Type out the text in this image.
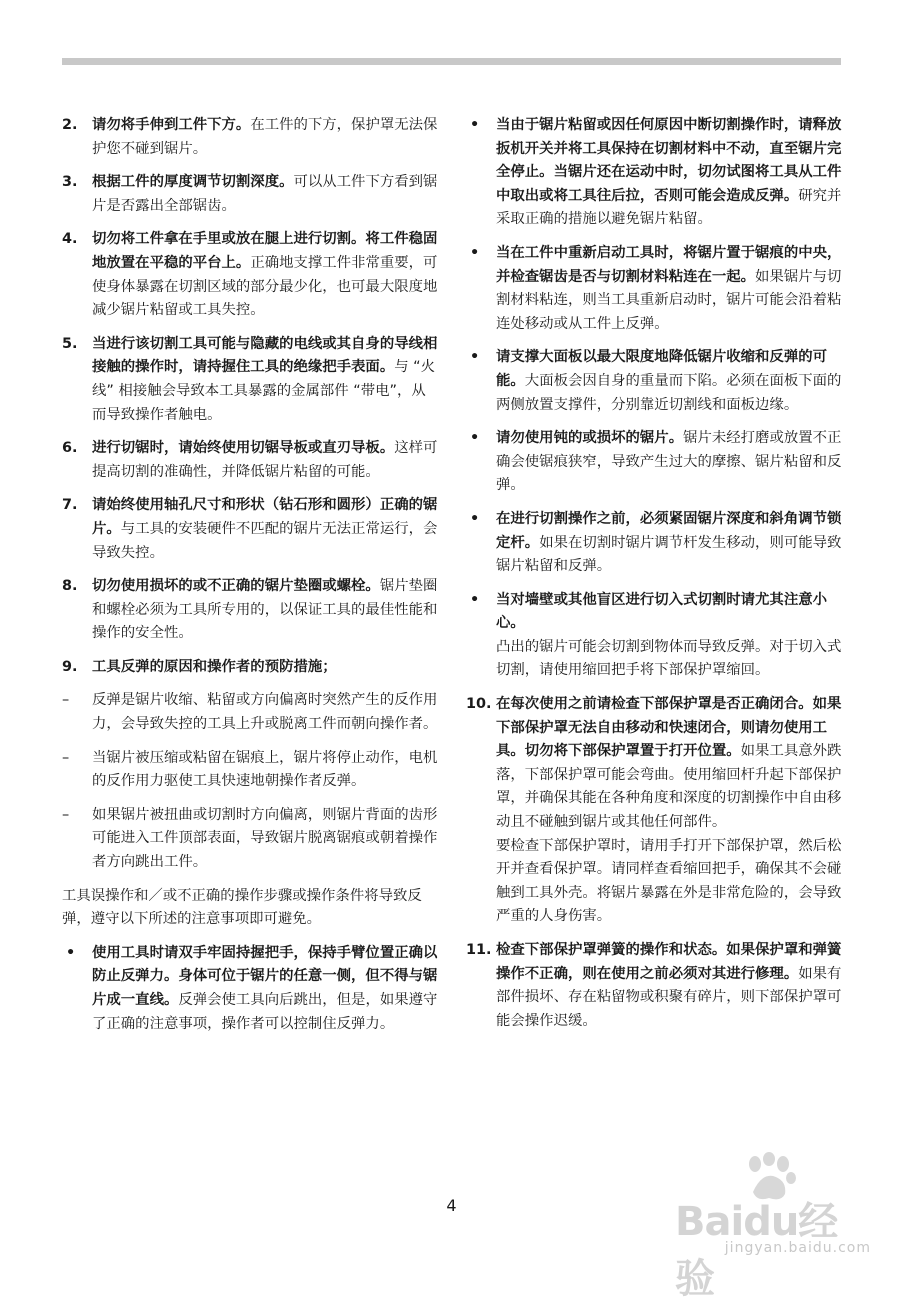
2. 请勿将手伸到工件下方。在工件的下方，保护罩无法保护您不碰到锯片。
3. 根据工件的厚度调节切割深度。可以从工件下方看到锯片是否露出全部锯齿。
4. 切勿将工件拿在手里或放在腿上进行切割。将工件稳固地放置在平稳的平台上。正确地支撑工件非常重要，可使身体暴露在切割区域的部分最少化，也可最大限度地减少锯片粘留或工具失控。
5. 当进行该切割工具可能与隐藏的电线或其自身的导线相接触的操作时，请持握住工具的绝缘把手表面。与 “火线” 相接触会导致本工具暴露的金属部件 “带电”，从而导致操作者触电。
6. 进行切锯时，请始终使用切锯导板或直刃导板。这样可提高切割的准确性，并降低锯片粘留的可能。
7. 请始终使用轴孔尺寸和形状（钻石形和圆形）正确的锯片。与工具的安装硬件不匹配的锯片无法正常运行，会导致失控。
8. 切勿使用损坏的或不正确的锯片垫圈或螺栓。锯片垫圈和螺栓必须为工具所专用的，以保证工具的最佳性能和操作的安全性。
9. 工具反弹的原因和操作者的预防措施；
– 反弹是锯片收缩、粘留或方向偏离时突然产生的反作用力，会导致失控的工具上升或脱离工件而朝向操作者。
– 当锯片被压缩或粘留在锯痕上，锯片将停止动作，电机的反作用力驱使工具快速地朝操作者反弹。
– 如果锯片被扭曲或切割时方向偏离，则锯片背面的齿形可能进入工件顶部表面，导致锯片脱离锯痕或朝着操作者方向跳出工件。
工具误操作和／或不正确的操作步骤或操作条件将导致反弹，遵守以下所述的注意事项即可避免。
• 使用工具时请双手牢固持握把手，保持手臂位置正确以防止反弹力。身体可位于锯片的任意一侧，但不得与锯片成一直线。反弹会使工具向后跳出，但是，如果遵守了正确的注意事项，操作者可以控制住反弹力。
• 当由于锯片粘留或因任何原因中断切割操作时，请释放扳机开关并将工具保持在切割材料中不动，直至锯片完全停止。当锯片还在运动中时，切勿试图将工具从工件中取出或将工具往后拉，否则可能会造成反弹。研究并采取正确的措施以避免锯片粘留。
• 当在工件中重新启动工具时，将锯片置于锯痕的中央，并检查锯齿是否与切割材料粘连在一起。如果锯片与切割材料粘连，则当工具重新启动时，锯片可能会沿着粘连处移动或从工件上反弹。
• 请支撑大面板以最大限度地降低锯片收缩和反弹的可能。大面板会因自身的重量而下陷。必须在面板下面的两侧放置支撑件，分别靠近切割线和面板边缘。
• 请勿使用钝的或损坏的锯片。锯片未经打磨或放置不正确会使锯痕狭窄，导致产生过大的摩擦、锯片粘留和反弹。
• 在进行切割操作之前，必须紧固锯片深度和斜角调节锁定杆。如果在切割时锯片调节杆发生移动，则可能导致锯片粘留和反弹。
• 当对墙壁或其他盲区进行切入式切割时请尤其注意小心。
凸出的锯片可能会切割到物体而导致反弹。对于切入式切割，请使用缩回把手将下部保护罩缩回。
10. 在每次使用之前请检查下部保护罩是否正确闭合。如果下部保护罩无法自由移动和快速闭合，则请勿使用工具。切勿将下部保护罩置于打开位置。如果工具意外跌落，下部保护罩可能会弯曲。使用缩回杆升起下部保护罩，并确保其能在各种角度和深度的切割操作中自由移动且不碰触到锯片或其他任何部件。
要检查下部保护罩时，请用手打开下部保护罩，然后松开并查看保护罩。请同样查看缩回把手，确保其不会碰触到工具外壳。将锯片暴露在外是非常危险的，会导致严重的人身伤害。
11. 检查下部保护罩弹簧的操作和状态。如果保护罩和弹簧操作不正确，则在使用之前必须对其进行修理。如果有部件损坏、存在粘留物或积聚有碎片，则下部保护罩可能会操作迟缓。
4	Baidu经验
jingyan.baidu.com
